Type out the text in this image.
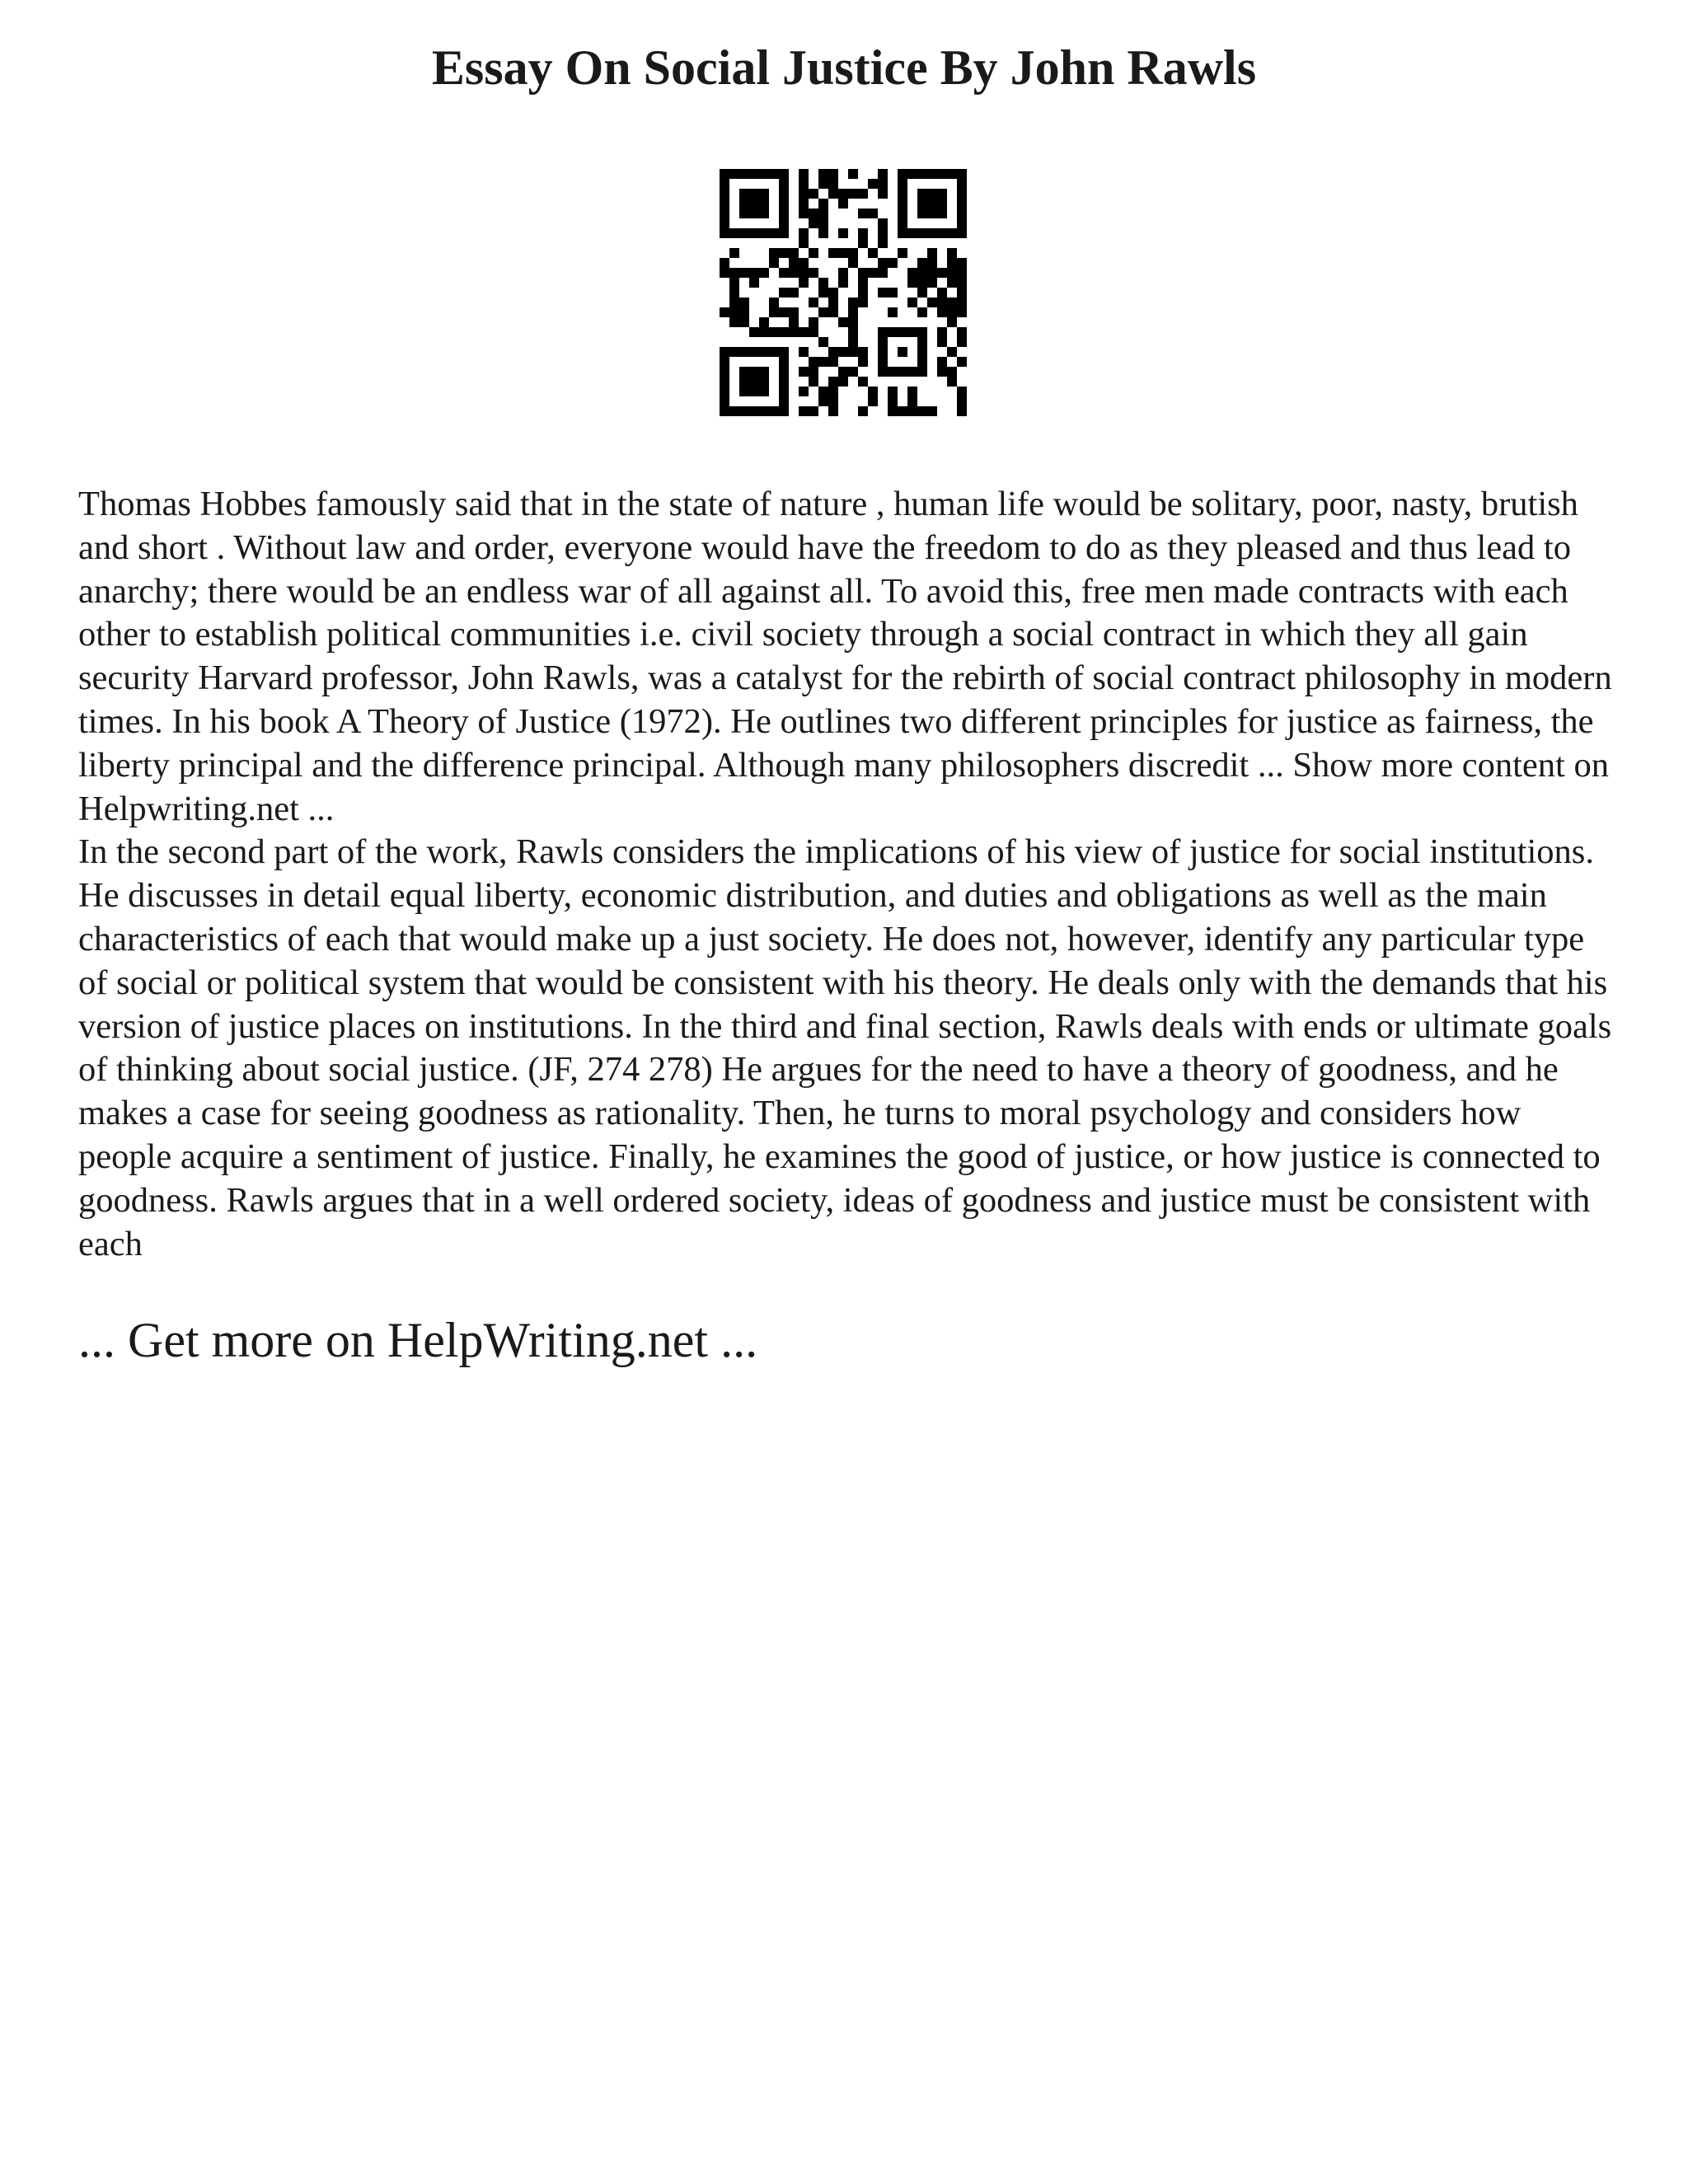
Essay On Social Justice By John Rawls

Thomas Hobbes famously said that in the state of nature , human life would be solitary, poor, nasty, brutish and short . Without law and order, everyone would have the freedom to do as they pleased and thus lead to anarchy; there would be an endless war of all against all. To avoid this, free men made contracts with each other to establish political communities i.e. civil society through a social contract in which they all gain security Harvard professor, John Rawls, was a catalyst for the rebirth of social contract philosophy in modern times. In his book A Theory of Justice (1972). He outlines two different principles for justice as fairness, the liberty principal and the difference principal. Although many philosophers discredit ... Show more content on Helpwriting.net ...

In the second part of the work, Rawls considers the implications of his view of justice for social institutions. He discusses in detail equal liberty, economic distribution, and duties and obligations as well as the main characteristics of each that would make up a just society. He does not, however, identify any particular type of social or political system that would be consistent with his theory. He deals only with the demands that his version of justice places on institutions. In the third and final section, Rawls deals with ends or ultimate goals of thinking about social justice. (JF, 274 278) He argues for the need to have a theory of goodness, and he makes a case for seeing goodness as rationality. Then, he turns to moral psychology and considers how people acquire a sentiment of justice. Finally, he examines the good of justice, or how justice is connected to goodness. Rawls argues that in a well ordered society, ideas of goodness and justice must be consistent with each

... Get more on HelpWriting.net ...
